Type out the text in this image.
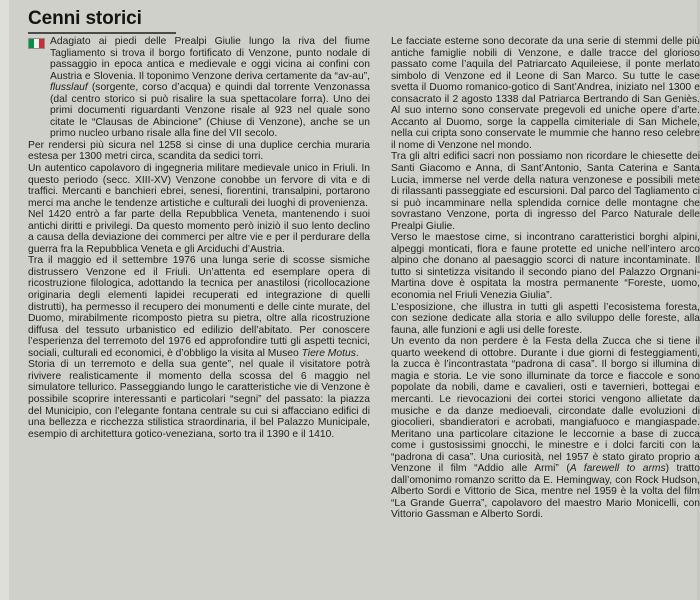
Cenni storici

Adagiato ai piedi delle Prealpi Giulie lungo la riva del fiume Tagliamento si trova il borgo fortificato di Venzone, punto nodale di passaggio in epoca antica e medievale e oggi vicina ai confini con Austria e Slovenia. Il toponimo Venzone deriva certamente da “av-au”, flusslauf (sorgente, corso d’acqua) e quindi dal torrente Venzonassa (dal centro storico si può risalire la sua spettacolare forra). Uno dei primi documenti riguardanti Venzone risale al 923 nel quale sono citate le “Clausas de Abincione” (Chiuse di Venzone), anche se un primo nucleo urbano risale alla fine del VII secolo.

Per rendersi più sicura nel 1258 si cinse di una duplice cerchia muraria estesa per 1300 metri circa, scandita da sedici torri.

Un autentico capolavoro di ingegneria militare medievale unico in Friuli. In questo periodo (secc. XIII-XV) Venzone conobbe un fervore di vita e di traffici. Mercanti e banchieri ebrei, senesi, fiorentini, transalpini, portarono merci ma anche le tendenze artistiche e culturali dei luoghi di provenienza.

Nel 1420 entrò a far parte della Repubblica Veneta, mantenendo i suoi antichi diritti e privilegi. Da questo momento però iniziò il suo lento declino a causa della deviazione dei commerci per altre vie e per il perdurare della guerra fra la Repubblica Veneta e gli Arciduchi d’Austria.

Tra il maggio ed il settembre 1976 una lunga serie di scosse sismiche distrussero Venzone ed il Friuli. Un’attenta ed esemplare opera di ricostruzione filologica, adottando la tecnica per anastilosi (ricollocazione originaria degli elementi lapidei recuperati ed integrazione di quelli distrutti), ha permesso il recupero dei monumenti e delle cinte murate, del Duomo, mirabilmente ricomposto pietra su pietra, oltre alla ricostruzione diffusa del tessuto urbanistico ed edilizio dell’abitato. Per conoscere l’esperienza del terremoto del 1976 ed approfondire tutti gli aspetti tecnici, sociali, culturali ed economici, è d’obbligo la visita al Museo Tiere Motus.

Storia di un terremoto e della sua gente”, nel quale il visitatore potrà rivivere realisticamente il momento della scossa del 6 maggio nel simulatore tellurico. Passeggiando lungo le caratteristiche vie di Venzone è possibile scoprire interessanti e particolari “segni” del passato: la piazza del Municipio, con l’elegante fontana centrale su cui si affacciano edifici di una bellezza e ricchezza stilistica straordinaria, il bel Palazzo Municipale, esempio di architettura gotico-veneziana, sorto tra il 1390 e il 1410.

Le facciate esterne sono decorate da una serie di stemmi delle più antiche famiglie nobili di Venzone, e dalle tracce del glorioso passato come l’aquila del Patriarcato Aquileiese, il ponte merlato simbolo di Venzone ed il Leone di San Marco. Su tutte le case svetta il Duomo romanico-gotico di Sant’Andrea, iniziato nel 1300 e consacrato il 2 agosto 1338 dal Patriarca Bertrando di San Geniès. Al suo interno sono conservate pregevoli ed uniche opere d’arte. Accanto al Duomo, sorge la cappella cimiteriale di San Michele, nella cui cripta sono conservate le mummie che hanno reso celebre il nome di Venzone nel mondo.

Tra gli altri edifici sacri non possiamo non ricordare le chiesette dei Santi Giacomo e Anna, di Sant’Antonio, Santa Caterina e Santa Lucia, immerse nel verde della natura venzonese e possibili mete di rilassanti passeggiate ed escursioni. Dal parco del Tagliamento ci si può incamminare nella splendida cornice delle montagne che sovrastano Venzone, porta di ingresso del Parco Naturale delle Prealpi Giulie.

Verso le maestose cime, si incontrano caratteristici borghi alpini, alpeggi monticati, flora e faune protette ed uniche nell’intero arco alpino che donano al paesaggio scorci di nature incontaminate. Il tutto si sintetizza visitando il secondo piano del Palazzo Orgnani-Martina dove è ospitata la mostra permanente “Foreste, uomo, economia nel Friuli Venezia Giulia”.

L’esposizione, che illustra in tutti gli aspetti l’ecosistema foresta, con sezione dedicate alla storia e allo sviluppo delle foreste, alla fauna, alle funzioni e agli usi delle foreste.

Un evento da non perdere è la Festa della Zucca che si tiene il quarto weekend di ottobre. Durante i due giorni di festeggiamenti, la zucca è l’incontrastata “padrona di casa”. Il borgo si illumina di magia e storia. Le vie sono illuminate da torce e fiaccole e sono popolate da nobili, dame e cavalieri, osti e tavernieri, bottegai e mercanti. Le rievocazioni dei cortei storici vengono allietate da musiche e da danze medioevali, circondate dalle evoluzioni di giocolieri, sbandieratori e acrobati, mangiafuoco e mangiaspade. Meritano una particolare citazione le leccornie a base di zucca come i gustosissimi gnocchi, le minestre e i dolci farciti con la “padrona di casa”. Una curiosità, nel 1957 è stato girato proprio a Venzone il film “Addio alle Armi” (A farewell to arms) tratto dall’omonimo romanzo scritto da E. Hemingway, con Rock Hudson, Alberto Sordi e Vittorio de Sica, mentre nel 1959 è la volta del film “La Grande Guerra”, capolavoro del maestro Mario Monicelli, con Vittorio Gassman e Alberto Sordi.
